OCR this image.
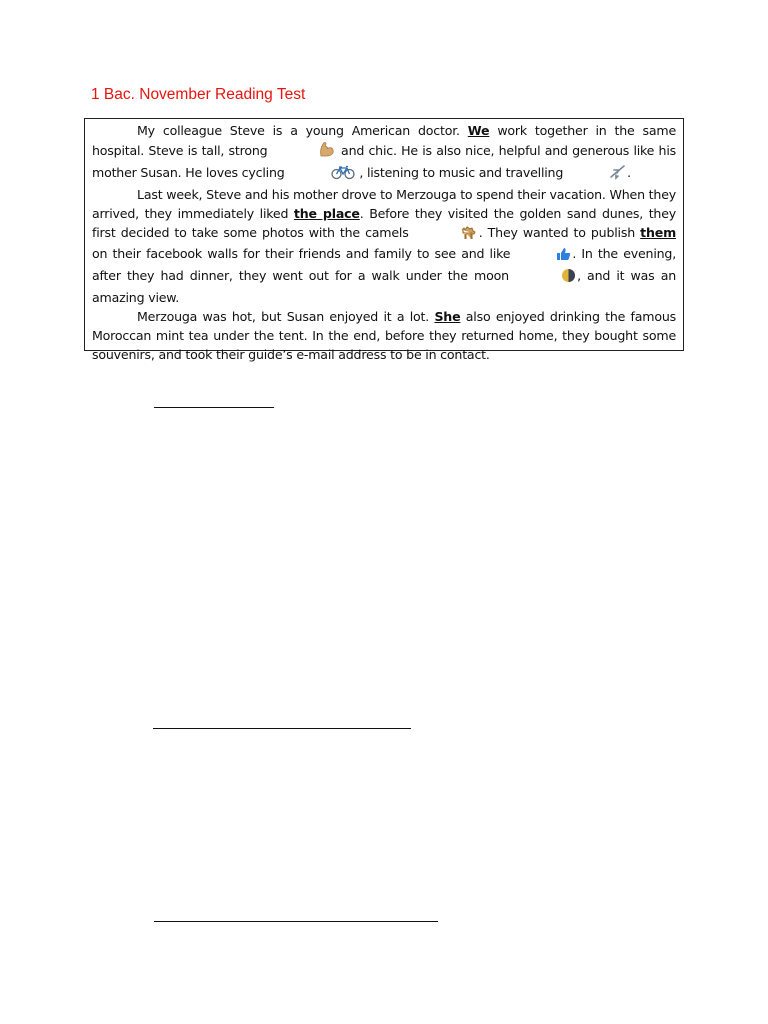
1 Bac. November Reading Test

My colleague Steve is a young American doctor. We work together in the same hospital. Steve is tall, strong	and chic. He is also nice, helpful and generous like his mother Susan. He loves cycling	, listening to music and travelling	.

Last week, Steve and his mother drove to Merzouga to spend their vacation. When they arrived, they immediately liked the place. Before they visited the golden sand dunes, they first decided to take some photos with the camels	. They wanted to publish them on their facebook walls for their friends and family to see and like	. In the evening, after they had dinner, they went out for a walk under the moon	, and it was an amazing view.

Merzouga was hot, but Susan enjoyed it a lot. She also enjoyed drinking the famous Moroccan mint tea under the tent. In the end, before they returned home, they bought some souvenirs, and took their guide’s e-mail address to be in contact.
